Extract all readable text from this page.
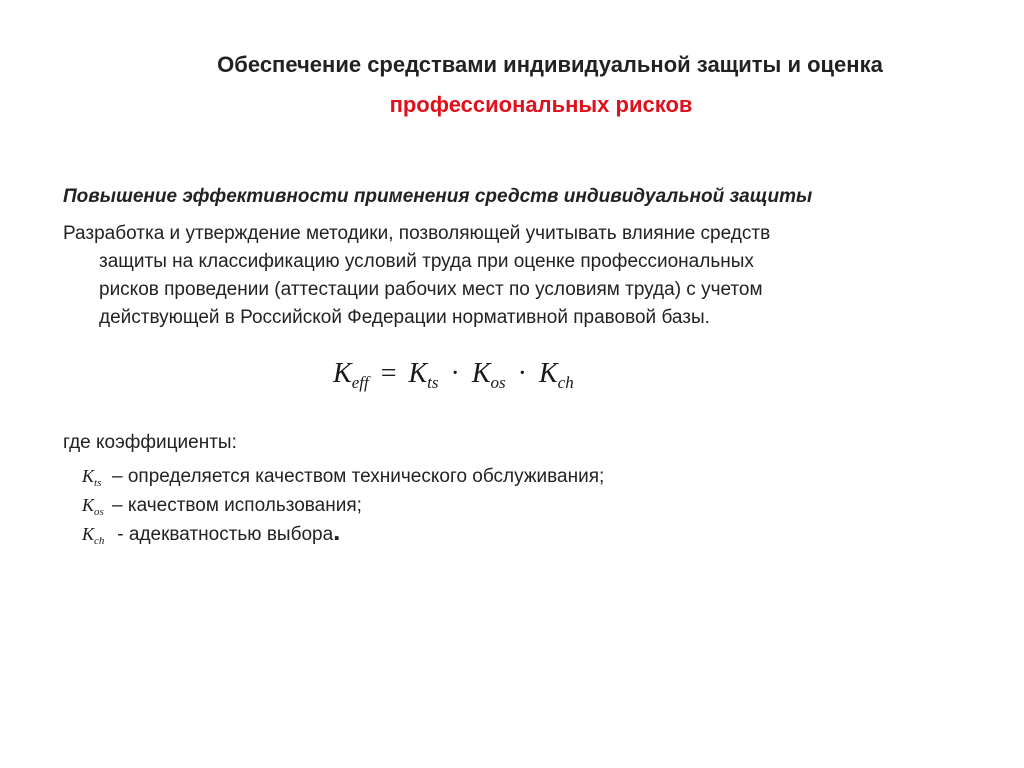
Обеспечение средствами индивидуальной защиты и оценка
профессиональных рисков
Повышение эффективности применения средств индивидуальной защиты
Разработка и утверждение методики, позволяющей учитывать влияние средств
защиты на классификацию условий труда при оценке профессиональных
рисков проведении (аттестации рабочих мест по условиям труда) с учетом
действующей в Российской Федерации нормативной правовой базы.
$K_{eff} = K_{ts} \cdot K_{os} \cdot K_{ch}$
где коэффициенты:
$K_{ts}$ – определяется качеством технического обслуживания;
$K_{os}$ – качеством использования;
$K_{ch}$ - адекватностью выбора .
